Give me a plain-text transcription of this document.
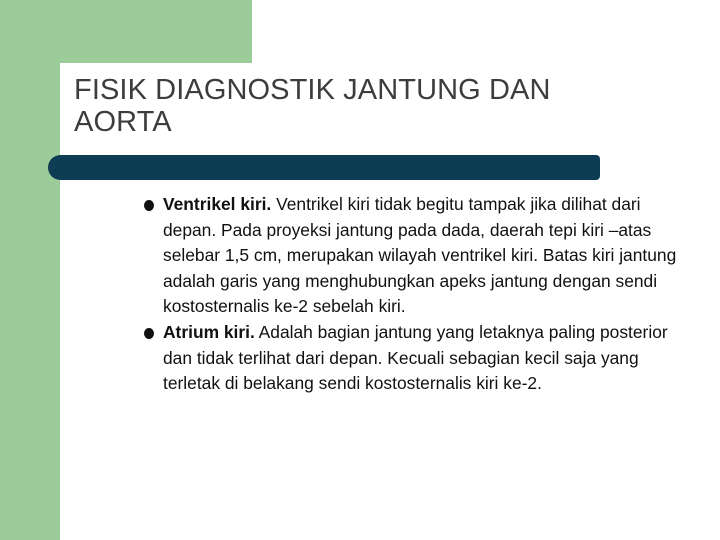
FISIK DIAGNOSTIK JANTUNG DAN
AORTA
Ventrikel kiri. Ventrikel kiri tidak begitu tampak jika dilihat dari depan. Pada proyeksi jantung pada dada, daerah tepi kiri –atas selebar 1,5 cm, merupakan wilayah ventrikel kiri. Batas kiri jantung adalah garis yang menghubungkan apeks jantung dengan sendi kostosternalis ke-2 sebelah kiri.
Atrium kiri. Adalah bagian jantung yang letaknya paling posterior dan tidak terlihat dari depan. Kecuali sebagian kecil saja yang terletak di belakang sendi kostosternalis kiri ke-2.
